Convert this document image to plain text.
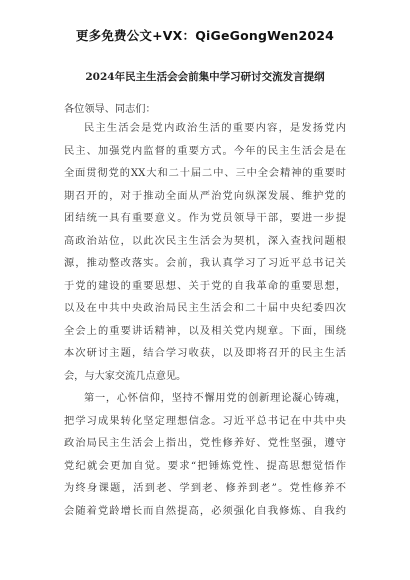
更多免费公文+VX：QiGeGongWen2024
2024年民主生活会会前集中学习研讨交流发言提纲
各位领导、同志们：
民主生活会是党内政治生活的重要内容，是发扬党内
民主、加强党内监督的重要方式。今年的民主生活会是在
全面贯彻党的XX大和二十届二中、三中全会精神的重要时
期召开的，对于推动全面从严治党向纵深发展、维护党的
团结统一具有重要意义。作为党员领导干部，要进一步提
高政治站位，以此次民主生活会为契机，深入查找问题根
源，推动整改落实。会前，我认真学习了习近平总书记关
于党的建设的重要思想、关于党的自我革命的重要思想，
以及在中共中央政治局民主生活会和二十届中央纪委四次
全会上的重要讲话精神，以及相关党内规章。下面，围绕
本次研讨主题，结合学习收获，以及即将召开的民主生活
会，与大家交流几点意见。
第一，心怀信仰，坚持不懈用党的创新理论凝心铸魂，
把学习成果转化坚定理想信念。习近平总书记在中共中央
政治局民主生活会上指出，党性修养好、党性坚强，遵守
党纪就会更加自觉。要求“把锤炼党性、提高思想觉悟作
为终身课题，活到老、学到老、修养到老”。党性修养不
会随着党龄增长而自然提高，必须强化自我修炼、自我约
